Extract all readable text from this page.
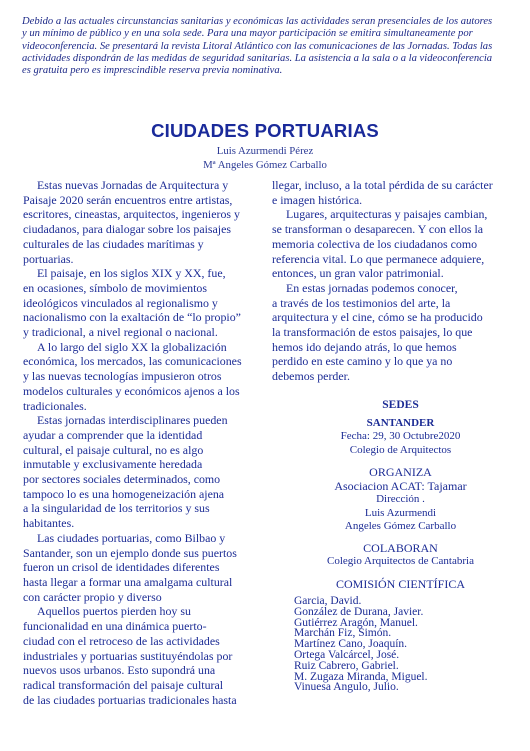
Debido a las actuales circunstancias sanitarias y económicas las actividades seran presenciales de los autores

y un mínimo de público y en una sola sede. Para una mayor participación se emitira simultaneamente por

videoconferencia. Se presentará la revista Litoral Atlántico con las comunicaciones de las Jornadas. Todas las

actividades dispondrán de las medidas de seguridad sanitarias. La asistencia a la sala o a la videoconferencia

es gratuita pero es imprescindible reserva previa nominativa.

CIUDADES PORTUARIAS
Luis Azurmendi Pérez
Mª Angeles Gómez Carballo

Estas nuevas Jornadas de Arquitectura y

Paisaje 2020 serán encuentros entre artistas,

escritores, cineastas, arquitectos, ingenieros y

ciudadanos, para dialogar sobre los paisajes

culturales de las ciudades marítimas y

portuarias.

El paisaje, en los siglos XIX y XX, fue,

en ocasiones, símbolo de movimientos

ideológicos vinculados al regionalismo y

nacionalismo con la exaltación de “lo propio”

y tradicional, a nivel regional o nacional.

A lo largo del siglo XX la globalización

económica, los mercados, las comunicaciones

y las nuevas tecnologías impusieron otros

modelos culturales y económicos ajenos a los

tradicionales.

Estas jornadas interdisciplinares pueden

ayudar a comprender que la identidad

cultural, el paisaje cultural, no es algo

inmutable y exclusivamente heredada

por sectores sociales determinados, como

tampoco lo es una homogeneización ajena

a la singularidad de los territorios y sus

habitantes.

Las ciudades portuarias, como Bilbao y

Santander, son un ejemplo donde sus puertos

fueron un crisol de identidades diferentes

hasta llegar a formar una amalgama cultural

con carácter propio y diverso

Aquellos puertos pierden hoy su

funcionalidad en una dinámica puerto-

ciudad con el retroceso de las actividades

industriales y portuarias sustituyéndolas por

nuevos usos urbanos. Esto supondrá una

radical transformación del paisaje cultural

de las ciudades portuarias tradicionales hasta

llegar, incluso, a la total pérdida de su carácter

e imagen histórica.

Lugares, arquitecturas y paisajes cambian,

se transforman o desaparecen. Y con ellos la

memoria colectiva de los ciudadanos como

referencia vital. Lo que permanece adquiere,

entonces, un gran valor patrimonial.

En estas jornadas podemos conocer,

a través de los testimonios del arte, la

arquitectura y el cine, cómo se ha producido

la transformación de estos paisajes, lo que

hemos ido dejando atrás, lo que hemos

perdido en este camino y lo que ya no

debemos perder.

SEDES

SANTANDER

Fecha: 29, 30 Octubre2020

Colegio de Arquitectos

ORGANIZA

Asociacion ACAT: Tajamar

Dirección .

Luis Azurmendi

Angeles Gómez Carballo

COLABORAN

Colegio Arquitectos de Cantabria

COMISIÓN CIENTÍFICA

Garcia, David.
González de Durana, Javier.
Gutiérrez Aragón, Manuel.
Marchán Fiz, Simón.
Martínez Cano, Joaquín.
Ortega Valcárcel, José.
Ruiz Cabrero, Gabriel.
M. Zugaza Miranda, Miguel.
Vinuesa Angulo, Julio.
